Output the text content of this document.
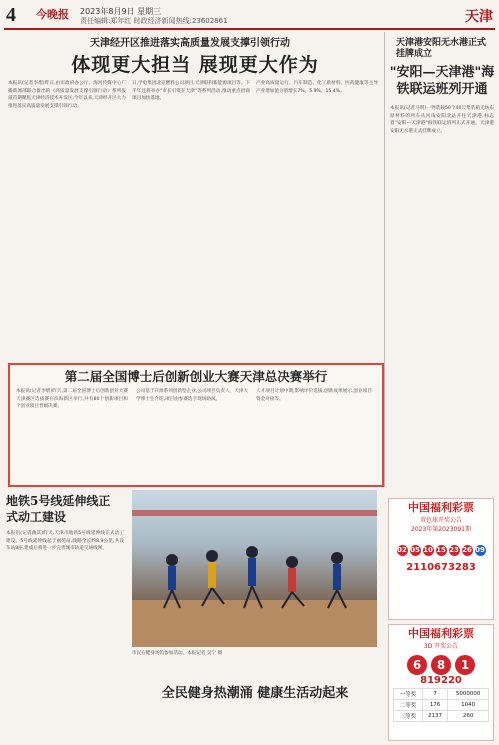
4 今晚报 2023年8月9日 星期三
责任编辑:郑年红 时政经济新闻热线:23602861	天津
天津经开区推进落实高质量发展支撑引领行动
体现更大担当 展现更大作为
本报讯(记者李熠)昨日,由市政府办公厅、海河传媒中心广播新闻部联合推出的《高质量发展支撑引领行动》系列报道首期聚焦天津经济技术开发区,今年以来,天津经开区大力推进落实高质量发展支撑引领行动。
日,学电集团北京燃料公司项目,天津联科新能源项目等。下半年还将举办"市长引资在天津"等系列活动,推动重点招商项目加快落地。
产业高质量运行。汽车制造、化工新材料、医药健康等主导产业增加值分别增长7%、5.9%、15.4%。
天津港安阳无水港正式挂牌成立
"安阳—天津港"海铁联运班列开通
本报讯(记者马明)一列装载50个40尺集装箱无纺布原材料的列车从河南安阳北站开往天津港,标志着"安阳—天津港"海铁联运班列正式开通。天津港安阳无水港正式挂牌成立。
第二届全国博士后创新创业大赛天津总决赛举行
本报讯(记者李熠)昨天,第二届全国博士后创新创业大赛天津赛区选拔赛在滨海新区举行,共有80个创新项目和个创业项目晋级决赛。
公司基于开源系列创新型企业,公司项目负责人、天津大学博士生介绍,项目由参赛选手现场路演。
人才项目计划中期,影响评价选拔,创新成果展示,创业项目资金对接等。
地铁5号线延伸线正式动工建设
本报讯(记者曲其)昨天,天津市地铁5号线延伸线正式动工建设。5号线延伸线起于丽苑站,线路全长约8.9公里,共设车站8座,建成后将进一步完善城市轨道交通线网。
市民在健身场馆参加活动。本报记者 吴宁 摄
全民健身热潮涌 健康生活动起来
中国福利彩票
双色球开奖公告
2023年第2023091期
02 05 10 15 23 26 09
2110673283
中国福利彩票
3D 开奖公告
6 8 1
819220
一等奖	7	5000000
二等奖	176	1040
三等奖	2137	260
